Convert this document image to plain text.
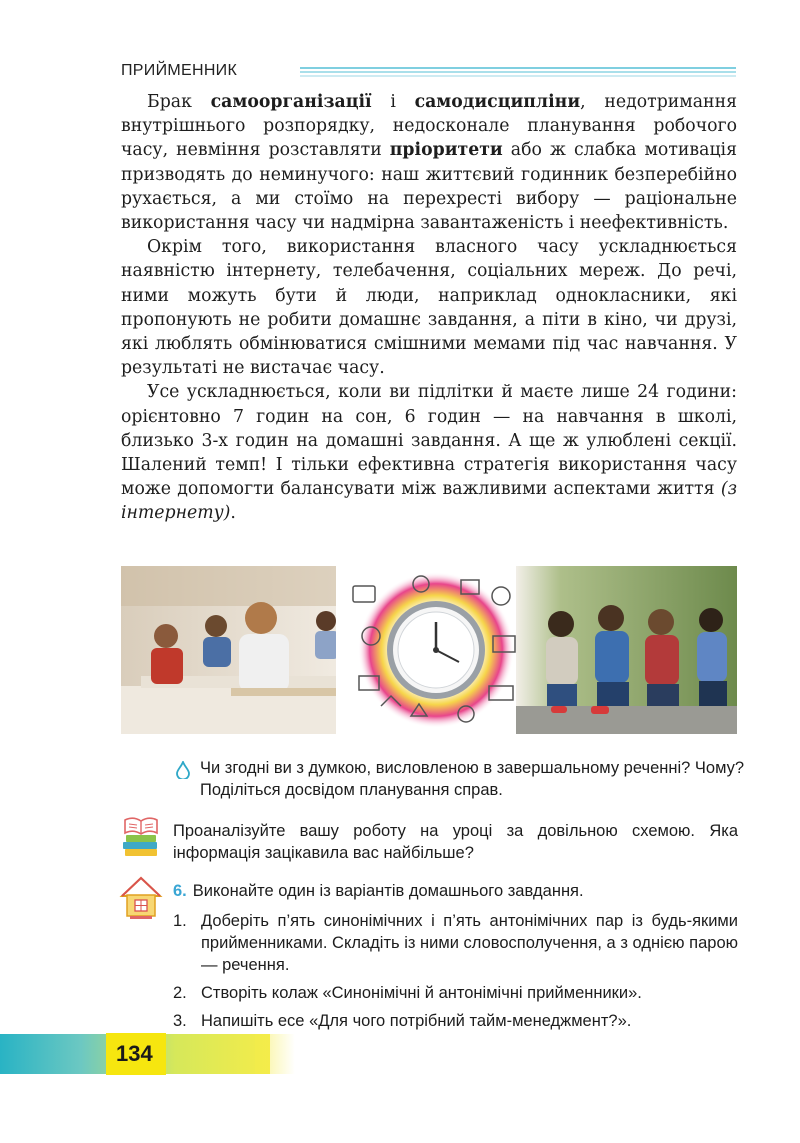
ПРИЙМЕННИК

Брак самоорганізації і самодисципліни, недотримання внутрішнього розпорядку, недосконале планування робочого часу, невміння розставляти пріоритети або ж слабка мотивація призводять до неминучого: наш життєвий годинник безперебійно рухається, а ми стоїмо на перехресті вибору — раціональне використання часу чи надмірна завантаженість і неефективність.

Окрім того, використання власного часу ускладнюється наявністю інтернету, телебачення, соціальних мереж. До речі, ними можуть бути й люди, наприклад однокласники, які пропонують не робити домашнє завдання, а піти в кіно, чи друзі, які люблять обмінюватися смішними мемами під час навчання. У результаті не вистачає часу.

Усе ускладнюється, коли ви підлітки й маєте лише 24 години: орієнтовно 7 годин на сон, 6 годин — на навчання в школі, близько 3-х годин на домашні завдання. А ще ж улюблені секції. Шалений темп! І тільки ефективна стратегія використання часу може допомогти балансувати між важливими аспектами життя (з інтернету).

Чи згодні ви з думкою, висловленою в завершальному реченні? Чому? Поділіться досвідом планування справ.
Проаналізуйте вашу роботу на уроці за довільною схемою. Яка інформація зацікавила вас найбільше?
6. Виконайте один із варіантів домашнього завдання.
1. Доберіть п’ять синонімічних і п’ять антонімічних пар із будь-якими прийменниками. Складіть із ними словосполучення, а з однією парою — речення.
2. Створіть колаж «Синонімічні й антонімічні прийменники».
3. Напишіть есе «Для чого потрібний тайм-менеджмент?».
134
